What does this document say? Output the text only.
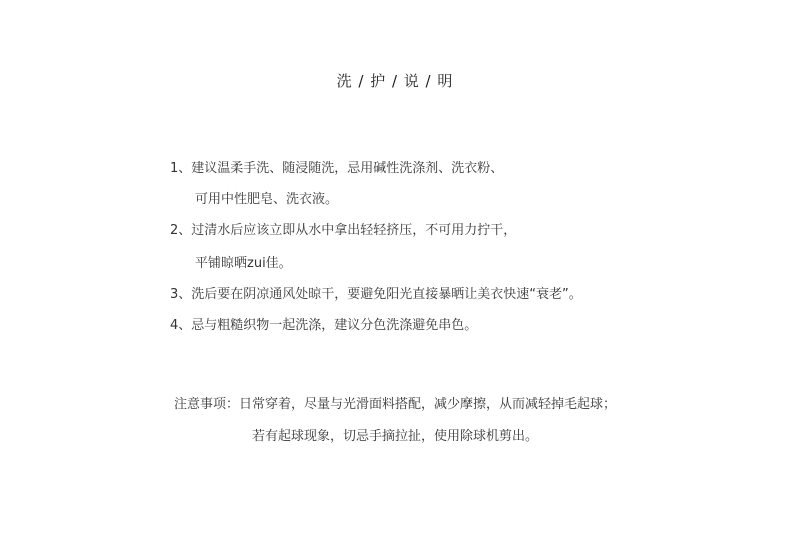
洗 / 护 / 说 / 明
1、建议温柔手洗、随浸随洗，忌用碱性洗涤剂、洗衣粉、
可用中性肥皂、洗衣液。
2、过清水后应该立即从水中拿出轻轻挤压，不可用力拧干，
平铺晾晒zui佳。
3、洗后要在阴凉通风处晾干，要避免阳光直接暴晒让美衣快速“衰老”。
4、忌与粗糙织物一起洗涤，建议分色洗涤避免串色。
注意事项：日常穿着，尽量与光滑面料搭配，减少摩擦，从而减轻掉毛起球；
若有起球现象，切忌手摘拉扯，使用除球机剪出。
